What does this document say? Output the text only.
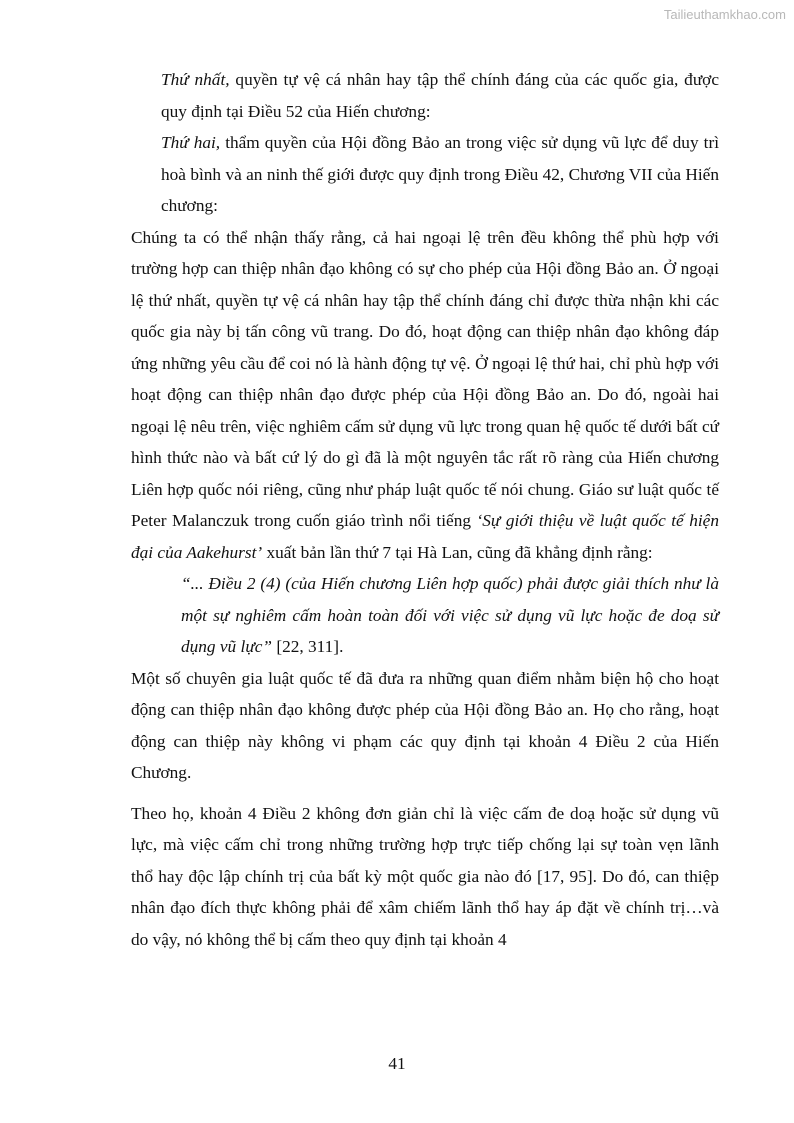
Tailieuthamkhao.com

Thứ nhất, quyền tự vệ cá nhân hay tập thể chính đáng của các quốc gia, được quy định tại Điều 52 của Hiến chương:

Thứ hai, thẩm quyền của Hội đồng Bảo an trong việc sử dụng vũ lực để duy trì hoà bình và an ninh thế giới được quy định trong Điều 42, Chương VII của Hiến chương:

Chúng ta có thể nhận thấy rằng, cả hai ngoại lệ trên đều không thể phù hợp với trường hợp can thiệp nhân đạo không có sự cho phép của Hội đồng Bảo an. Ở ngoại lệ thứ nhất, quyền tự vệ cá nhân hay tập thể chính đáng chỉ được thừa nhận khi các quốc gia này bị tấn công vũ trang. Do đó, hoạt động can thiệp nhân đạo không đáp ứng những yêu cầu để coi nó là hành động tự vệ. Ở ngoại lệ thứ hai, chỉ phù hợp với hoạt động can thiệp nhân đạo được phép của Hội đồng Bảo an. Do đó, ngoài hai ngoại lệ nêu trên, việc nghiêm cấm sử dụng vũ lực trong quan hệ quốc tế dưới bất cứ hình thức nào và bất cứ lý do gì đã là một nguyên tắc rất rõ ràng của Hiến chương Liên hợp quốc nói riêng, cũng như pháp luật quốc tế nói chung. Giáo sư luật quốc tế Peter Malanczuk trong cuốn giáo trình nổi tiếng ‘Sự giới thiệu về luật quốc tế hiện đại của Aakehurst’ xuất bản lần thứ 7 tại Hà Lan, cũng đã khẳng định rằng:

“... Điều 2 (4) (của Hiến chương Liên hợp quốc) phải được giải thích như là một sự nghiêm cấm hoàn toàn đối với việc sử dụng vũ lực hoặc đe doạ sử dụng vũ lực” [22, 311].

Một số chuyên gia luật quốc tế đã đưa ra những quan điểm nhằm biện hộ cho hoạt động can thiệp nhân đạo không được phép của Hội đồng Bảo an. Họ cho rằng, hoạt động can thiệp này không vi phạm các quy định tại khoản 4 Điều 2 của Hiến Chương.

Theo họ, khoản 4 Điều 2 không đơn giản chỉ là việc cấm đe doạ hoặc sử dụng vũ lực, mà việc cấm chỉ trong những trường hợp trực tiếp chống lại sự toàn vẹn lãnh thổ hay độc lập chính trị của bất kỳ một quốc gia nào đó [17, 95]. Do đó, can thiệp nhân đạo đích thực không phải để xâm chiếm lãnh thổ hay áp đặt về chính trị…và do vậy, nó không thể bị cấm theo quy định tại khoản 4

41
